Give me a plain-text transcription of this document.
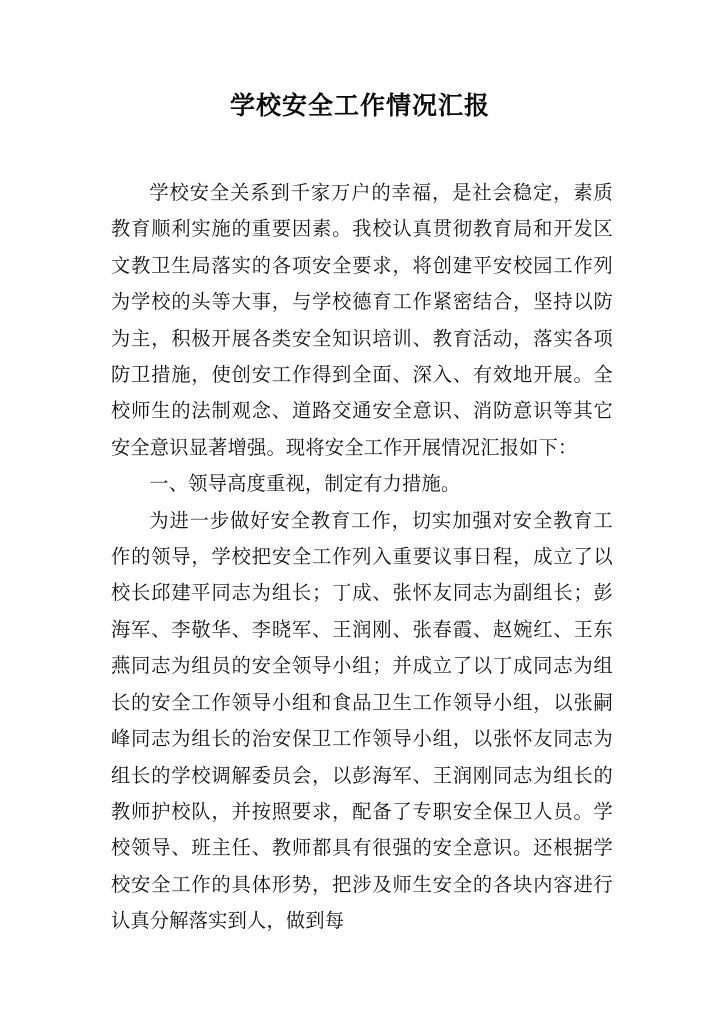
学校安全工作情况汇报

学校安全关系到千家万户的幸福，是社会稳定，素质教育顺利实施的重要因素。我校认真贯彻教育局和开发区文教卫生局落实的各项安全要求，将创建平安校园工作列为学校的头等大事，与学校德育工作紧密结合，坚持以防为主，积极开展各类安全知识培训、教育活动，落实各项防卫措施，使创安工作得到全面、深入、有效地开展。全校师生的法制观念、道路交通安全意识、消防意识等其它安全意识显著增强。现将安全工作开展情况汇报如下：

一、领导高度重视，制定有力措施。

为进一步做好安全教育工作，切实加强对安全教育工作的领导，学校把安全工作列入重要议事日程，成立了以校长邱建平同志为组长；丁成、张怀友同志为副组长；彭海军、李敬华、李晓军、王润刚、张春霞、赵婉红、王东燕同志为组员的安全领导小组；并成立了以丁成同志为组长的安全工作领导小组和食品卫生工作领导小组，以张嗣峰同志为组长的治安保卫工作领导小组，以张怀友同志为组长的学校调解委员会，以彭海军、王润刚同志为组长的教师护校队，并按照要求，配备了专职安全保卫人员。学校领导、班主任、教师都具有很强的安全意识。还根据学校安全工作的具体形势，把涉及师生安全的各块内容进行认真分解落实到人，做到每
